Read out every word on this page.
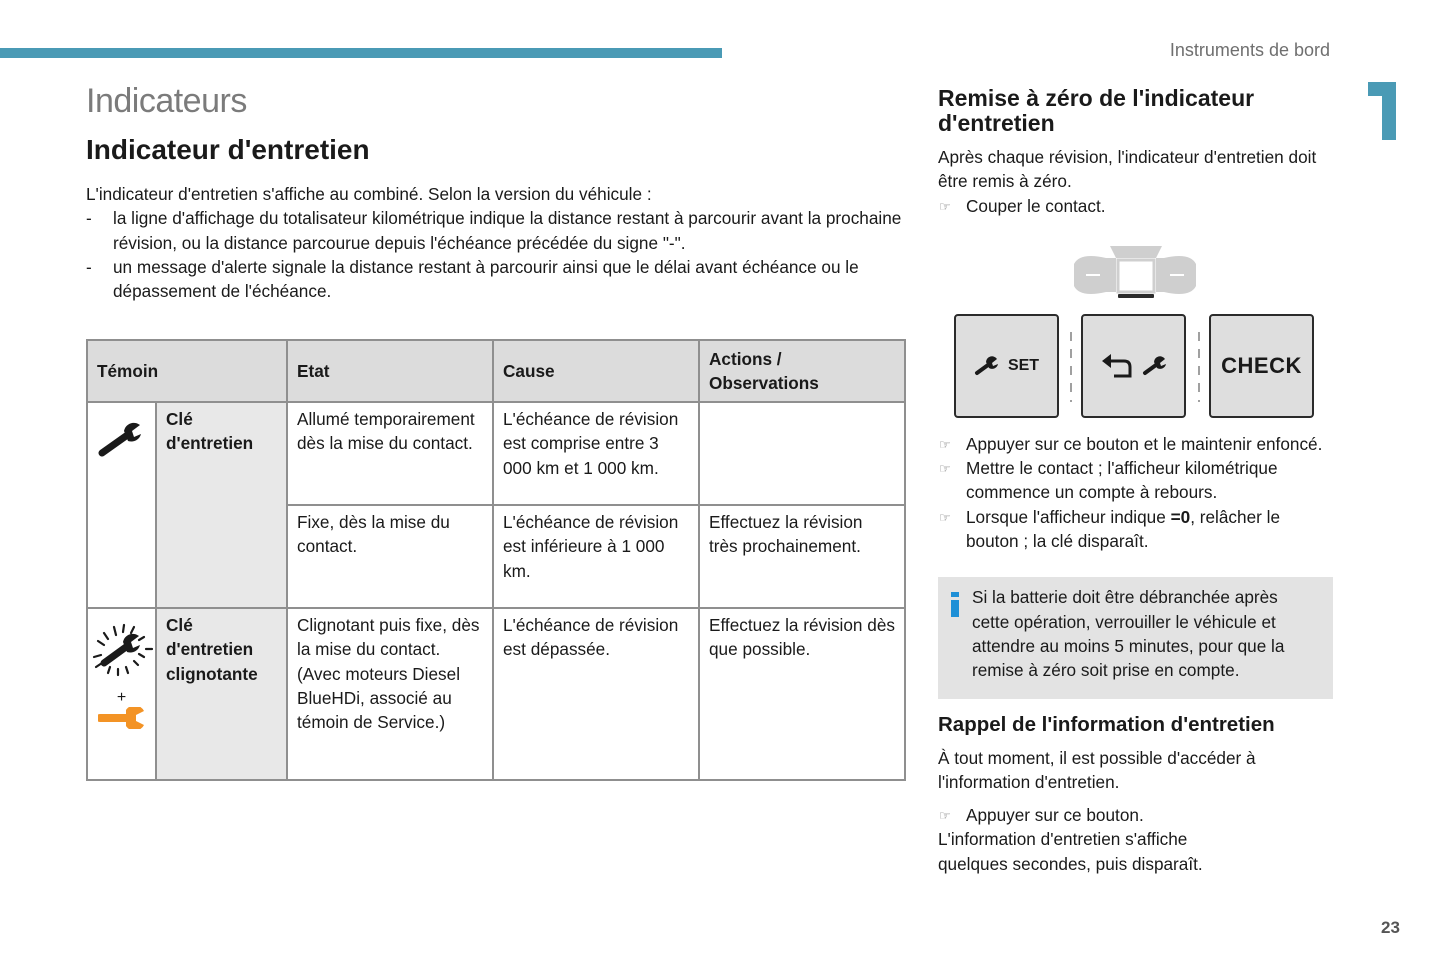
Instruments de bord
Indicateurs
Indicateur d'entretien

L'indicateur d'entretien s'affiche au combiné. Selon la version du véhicule :

- la ligne d'affichage du totalisateur kilométrique indique la distance restant à parcourir avant la prochaine révision, ou la distance parcourue depuis l'échéance précédée du signe "-".
- un message d'alerte signale la distance restant à parcourir ainsi que le délai avant échéance ou le dépassement de l'échéance.
Témoin		Etat	Cause	Actions / Observations
	Clé d'entretien	Allumé temporairement dès la mise du contact.	L'échéance de révision est comprise entre 3 000 km et 1 000 km.	
		Fixe, dès la mise du contact.	L'échéance de révision est inférieure à 1 000 km.	Effectuez la révision très prochainement.

+	Clé d'entretien clignotante	Clignotant puis fixe, dès la mise du contact. (Avec moteurs Diesel BlueHDi, associé au témoin de Service.)	L'échéance de révision est dépassée.	Effectuez la révision dès que possible.
Remise à zéro de l'indicateur d'entretien

Après chaque révision, l'indicateur d'entretien doit être remis à zéro.

☞ Couper le contact.
SET	CHECK
☞ Appuyer sur ce bouton et le maintenir enfoncé.
☞ Mettre le contact ; l'afficheur kilométrique commence un compte à rebours.
☞ Lorsque l'afficheur indique =0, relâcher le bouton ; la clé disparaît.
Si la batterie doit être débranchée après cette opération, verrouiller le véhicule et attendre au moins 5 minutes, pour que la remise à zéro soit prise en compte.
Rappel de l'information d'entretien

À tout moment, il est possible d'accéder à l'information d'entretien.

☞ Appuyer sur ce bouton.

L'information d'entretien s'affiche quelques secondes, puis disparaît.

23
